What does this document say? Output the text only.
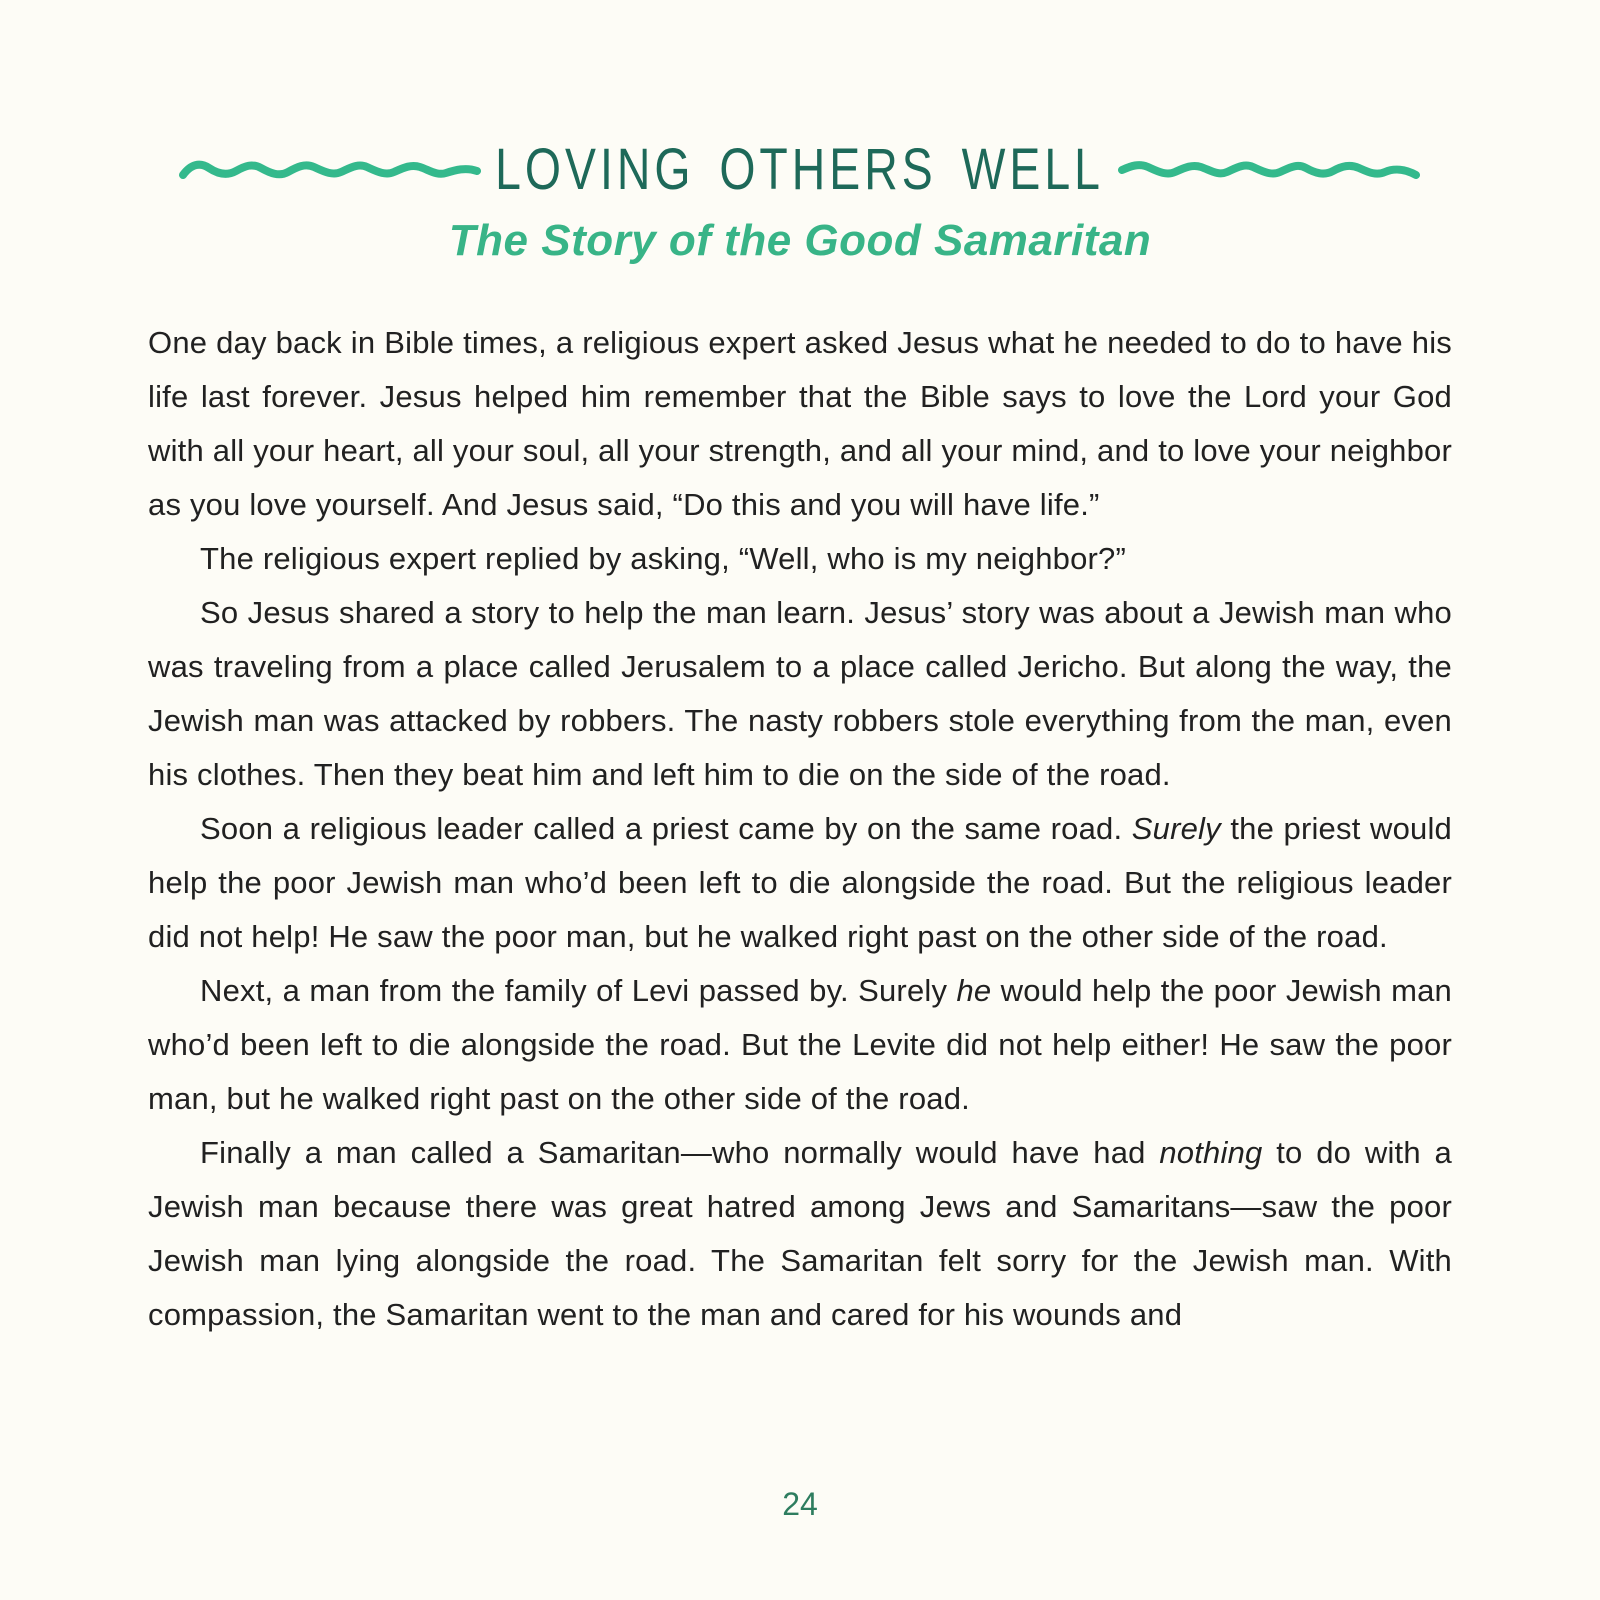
LOVING OTHERS WELL
The Story of the Good Samaritan

One day back in Bible times, a religious expert asked Jesus what he needed to do to have his life last forever. Jesus helped him remember that the Bible says to love the Lord your God with all your heart, all your soul, all your strength, and all your mind, and to love your neighbor as you love yourself. And Jesus said, “Do this and you will have life.”

The religious expert replied by asking, “Well, who is my neighbor?”

So Jesus shared a story to help the man learn. Jesus’ story was about a Jewish man who was traveling from a place called Jerusalem to a place called Jericho. But along the way, the Jewish man was attacked by robbers. The nasty robbers stole everything from the man, even his clothes. Then they beat him and left him to die on the side of the road.

Soon a religious leader called a priest came by on the same road. Surely the priest would help the poor Jewish man who’d been left to die alongside the road. But the religious leader did not help! He saw the poor man, but he walked right past on the other side of the road.

Next, a man from the family of Levi passed by. Surely he would help the poor Jewish man who’d been left to die alongside the road. But the Levite did not help either! He saw the poor man, but he walked right past on the other side of the road.

Finally a man called a Samaritan—who normally would have had nothing to do with a Jewish man because there was great hatred among Jews and Samaritans—saw the poor Jewish man lying alongside the road. The Samaritan felt sorry for the Jewish man. With compassion, the Samaritan went to the man and cared for his wounds and

24
